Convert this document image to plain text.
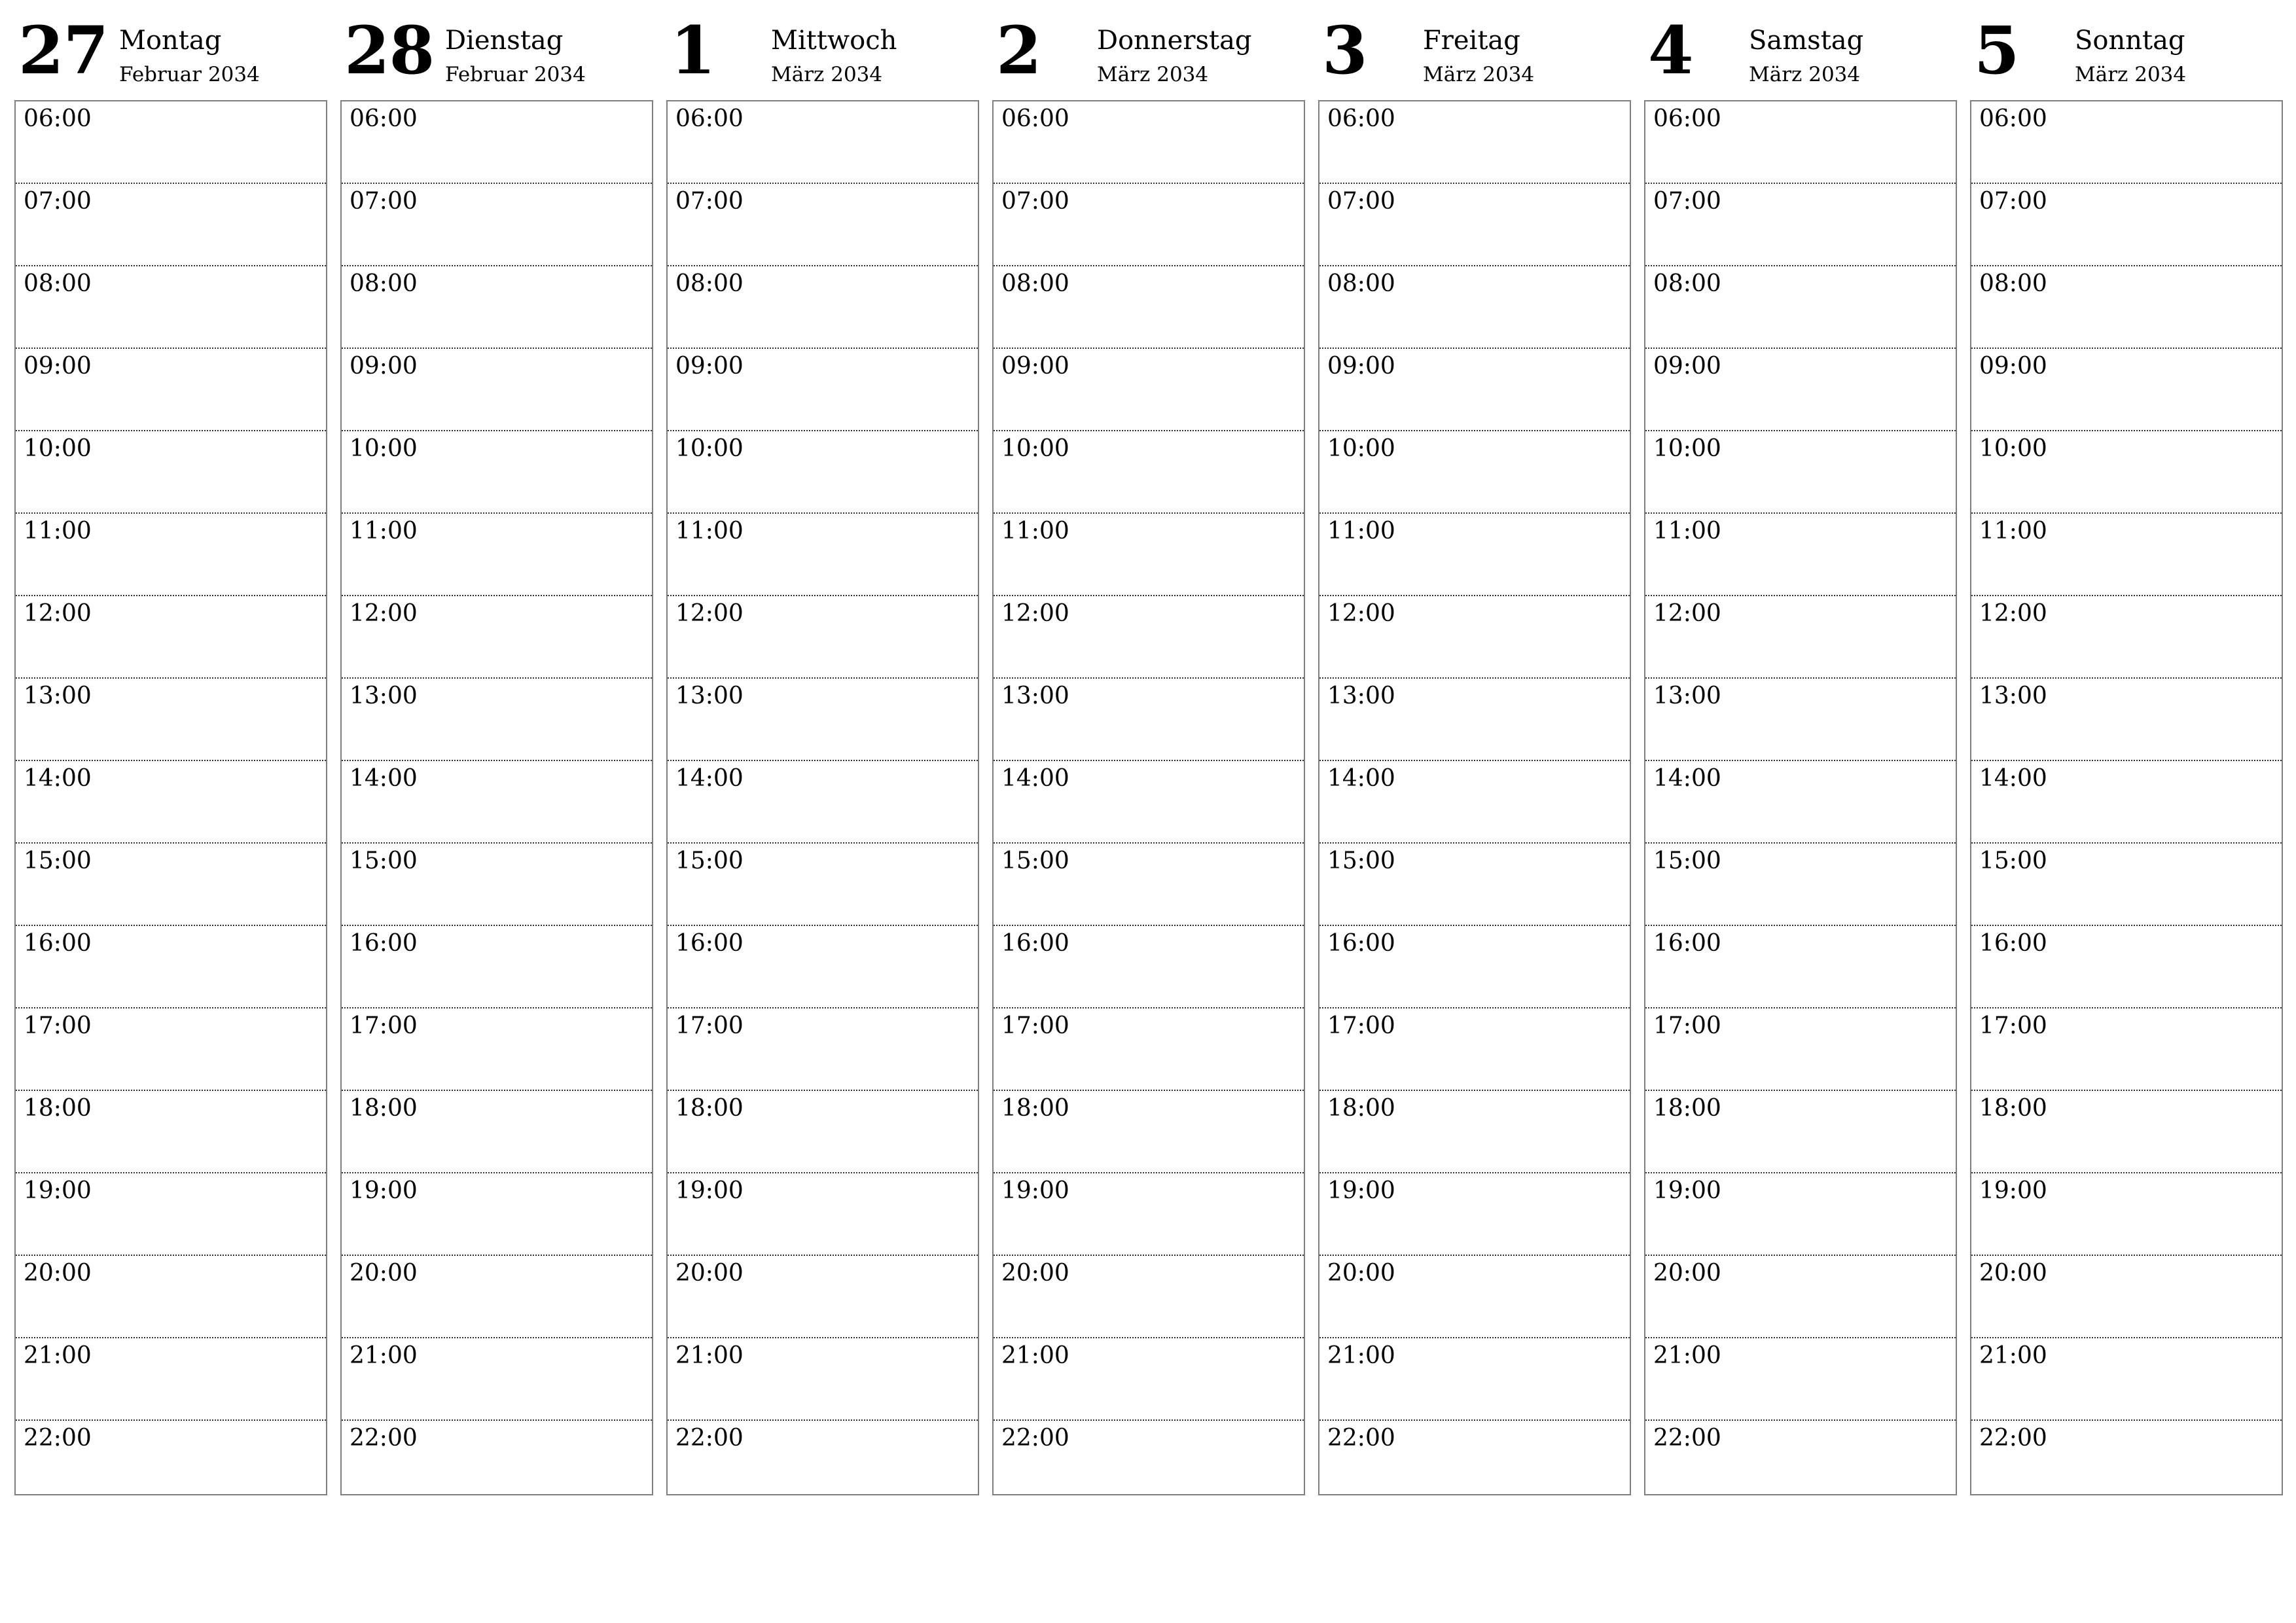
27 Montag
Februar 2034
06:00
07:00
08:00
09:00
10:00
11:00
12:00
13:00
14:00
15:00
16:00
17:00
18:00
19:00
20:00
21:00
22:00
28 Dienstag
Februar 2034
06:00
07:00
08:00
09:00
10:00
11:00
12:00
13:00
14:00
15:00
16:00
17:00
18:00
19:00
20:00
21:00
22:00
1 Mittwoch
März 2034
06:00
07:00
08:00
09:00
10:00
11:00
12:00
13:00
14:00
15:00
16:00
17:00
18:00
19:00
20:00
21:00
22:00
2 Donnerstag
März 2034
06:00
07:00
08:00
09:00
10:00
11:00
12:00
13:00
14:00
15:00
16:00
17:00
18:00
19:00
20:00
21:00
22:00
3 Freitag
März 2034
06:00
07:00
08:00
09:00
10:00
11:00
12:00
13:00
14:00
15:00
16:00
17:00
18:00
19:00
20:00
21:00
22:00
4 Samstag
März 2034
06:00
07:00
08:00
09:00
10:00
11:00
12:00
13:00
14:00
15:00
16:00
17:00
18:00
19:00
20:00
21:00
22:00
5 Sonntag
März 2034
06:00
07:00
08:00
09:00
10:00
11:00
12:00
13:00
14:00
15:00
16:00
17:00
18:00
19:00
20:00
21:00
22:00
